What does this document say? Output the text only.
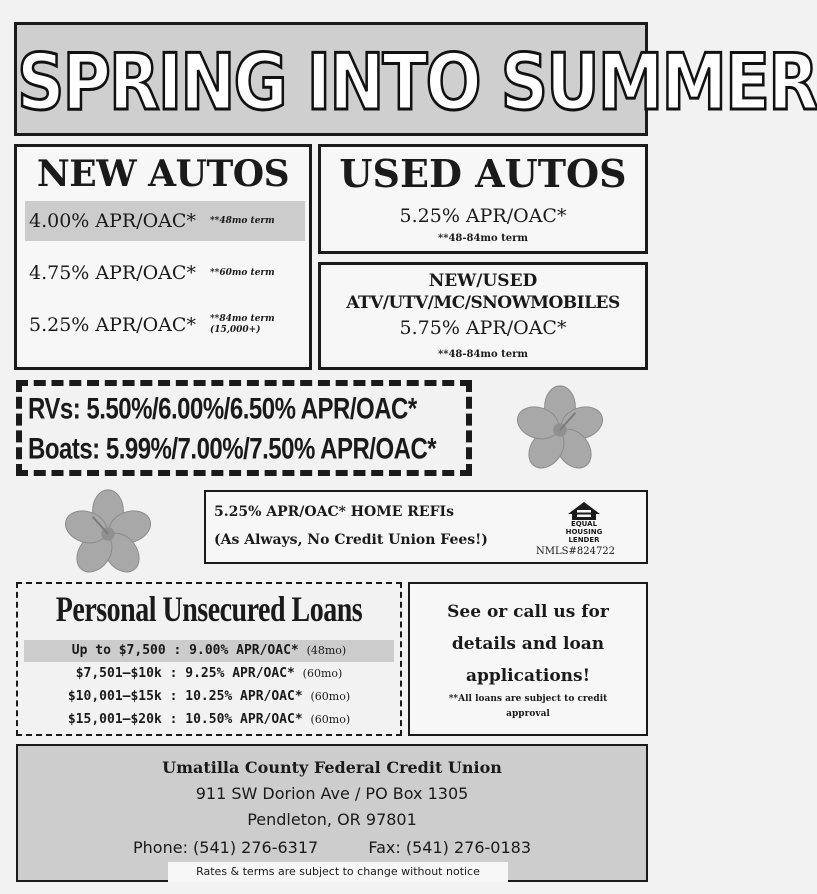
SPRING INTO SUMMER
NEW AUTOS
4.00% APR/OAC* **48mo term
4.75% APR/OAC* **60mo term
5.25% APR/OAC* **84mo term
(15,000+)
USED AUTOS
5.25% APR/OAC*
**48-84mo term
NEW/USED
ATV/UTV/MC/SNOWMOBILES
5.75% APR/OAC*
**48-84mo term
RVs: 5.50%/6.00%/6.50% APR/OAC*
Boats: 5.99%/7.00%/7.50% APR/OAC*
5.25% APR/OAC* HOME REFIs
(As Always, No Credit Union Fees!)
EQUAL HOUSING LENDER
NMLS#824722
Personal Unsecured Loans
Up to $7,500 : 9.00% APR/OAC* (48mo)
$7,501—$10k : 9.25% APR/OAC* (60mo)
$10,001—$15k : 10.25% APR/OAC* (60mo)
$15,001—$20k : 10.50% APR/OAC* (60mo)
See or call us for
details and loan
applications!
**All loans are subject to credit
approval
Umatilla County Federal Credit Union
911 SW Dorion Ave / PO Box 1305
Pendleton, OR 97801
Phone: (541) 276-6317	Fax: (541) 276-0183
Rates & terms are subject to change without notice
